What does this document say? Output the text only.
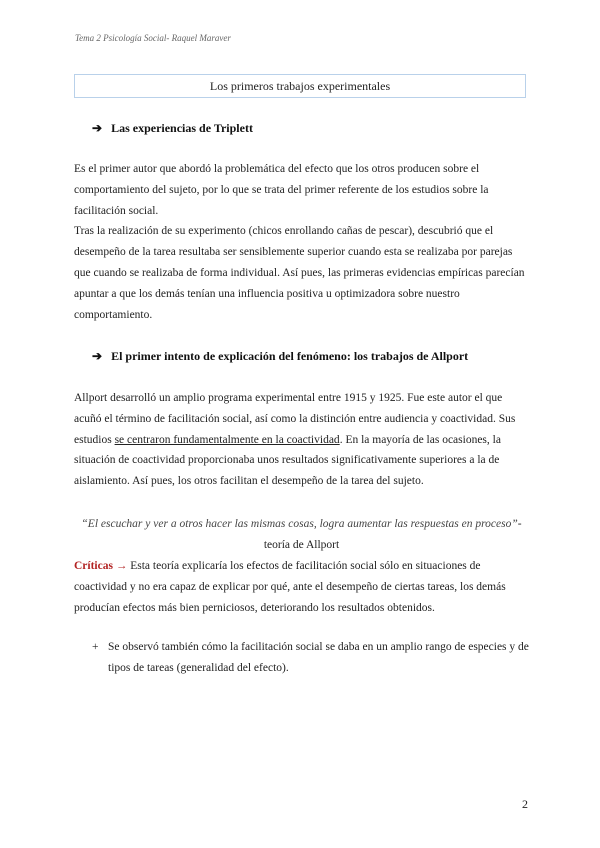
Tema 2 Psicología Social- Raquel Maraver
Los primeros trabajos experimentales
➔ Las experiencias de Triplett

Es el primer autor que abordó la problemática del efecto que los otros producen sobre el comportamiento del sujeto, por lo que se trata del primer referente de los estudios sobre la facilitación social.

Tras la realización de su experimento (chicos enrollando cañas de pescar), descubrió que el desempeño de la tarea resultaba ser sensiblemente superior cuando esta se realizaba por parejas que cuando se realizaba de forma individual. Así pues, las primeras evidencias empíricas parecían apuntar a que los demás tenían una influencia positiva u optimizadora sobre nuestro comportamiento.

➔ El primer intento de explicación del fenómeno: los trabajos de Allport

Allport desarrolló un amplio programa experimental entre 1915 y 1925. Fue este autor el que acuñó el término de facilitación social, así como la distinción entre audiencia y coactividad. Sus estudios se centraron fundamentalmente en la coactividad. En la mayoría de las ocasiones, la situación de coactividad proporcionaba unos resultados significativamente superiores a la de aislamiento. Así pues, los otros facilitan el desempeño de la tarea del sujeto.

“El escuchar y ver a otros hacer las mismas cosas, logra aumentar las respuestas en proceso”- teoría de Allport

Críticas → Esta teoría explicaría los efectos de facilitación social sólo en situaciones de coactividad y no era capaz de explicar por qué, ante el desempeño de ciertas tareas, los demás producían efectos más bien perniciosos, deteriorando los resultados obtenidos.

+ Se observó también cómo la facilitación social se daba en un amplio rango de especies y de tipos de tareas (generalidad del efecto).
2
